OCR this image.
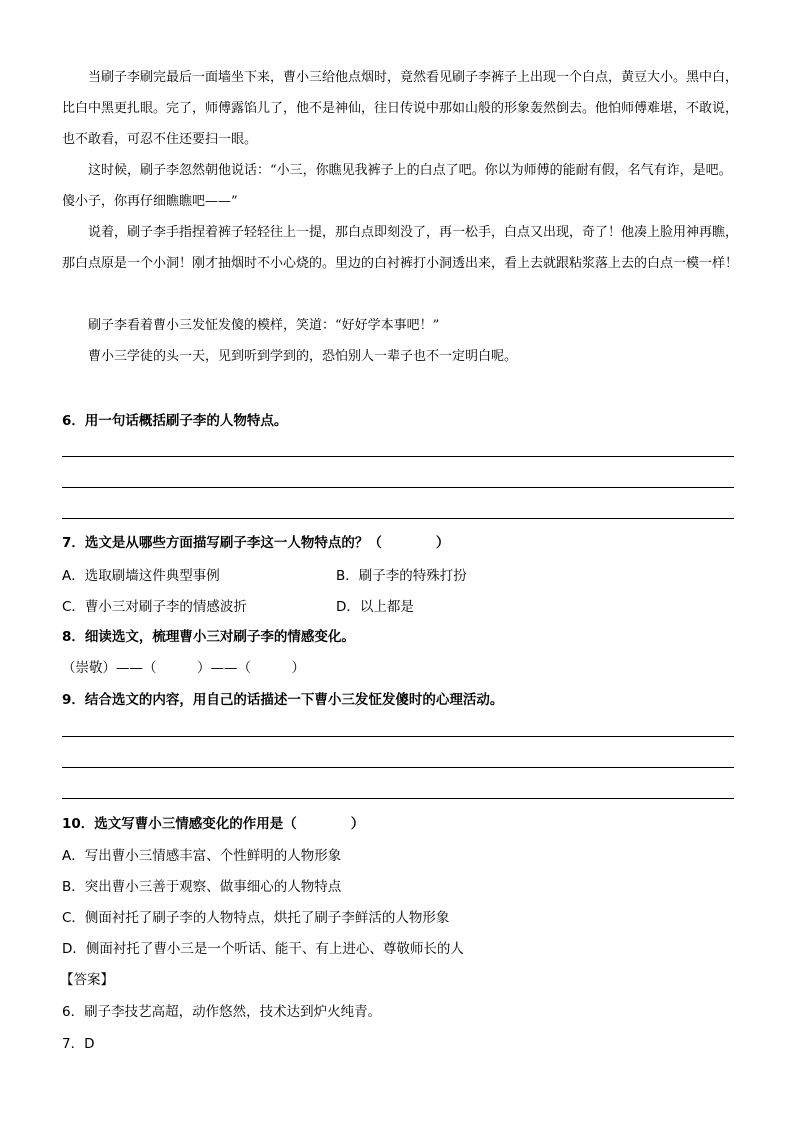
当刷子李刷完最后一面墙坐下来，曹小三给他点烟时，竟然看见刷子李裤子上出现一个白点，黄豆大小。黑中白，比白中黑更扎眼。完了，师傅露馅儿了，他不是神仙，往日传说中那如山般的形象轰然倒去。他怕师傅难堪，不敢说，也不敢看，可忍不住还要扫一眼。

这时候，刷子李忽然朝他说话：“小三，你瞧见我裤子上的白点了吧。你以为师傅的能耐有假，名气有诈，是吧。傻小子，你再仔细瞧瞧吧——”

说着，刷子李手指捏着裤子轻轻往上一提，那白点即刻没了，再一松手，白点又出现，奇了！他凑上脸用神再瞧，那白点原是一个小洞！刚才抽烟时不小心烧的。里边的白衬裤打小洞透出来，看上去就跟粘浆落上去的白点一模一样！

刷子李看着曹小三发怔发傻的模样，笑道：“好好学本事吧！”

曹小三学徒的头一天，见到听到学到的，恐怕别人一辈子也不一定明白呢。

6．用一句话概括刷子李的人物特点。

7．选文是从哪些方面描写刷子李这一人物特点的？（　　　　）

A．选取刷墙这件典型事例	B．刷子李的特殊打扮

C．曹小三对刷子李的情感波折	D．以上都是

8．细读选文，梳理曹小三对刷子李的情感变化。

（崇敬）——（　　　）——（　　　）

9．结合选文的内容，用自己的话描述一下曹小三发怔发傻时的心理活动。

10．选文写曹小三情感变化的作用是（　　　　）

A．写出曹小三情感丰富、个性鲜明的人物形象

B．突出曹小三善于观察、做事细心的人物特点

C．侧面衬托了刷子李的人物特点，烘托了刷子李鲜活的人物形象

D．侧面衬托了曹小三是一个听话、能干、有上进心、尊敬师长的人

【答案】

6．刷子李技艺高超，动作悠然，技术达到炉火纯青。

7．D
